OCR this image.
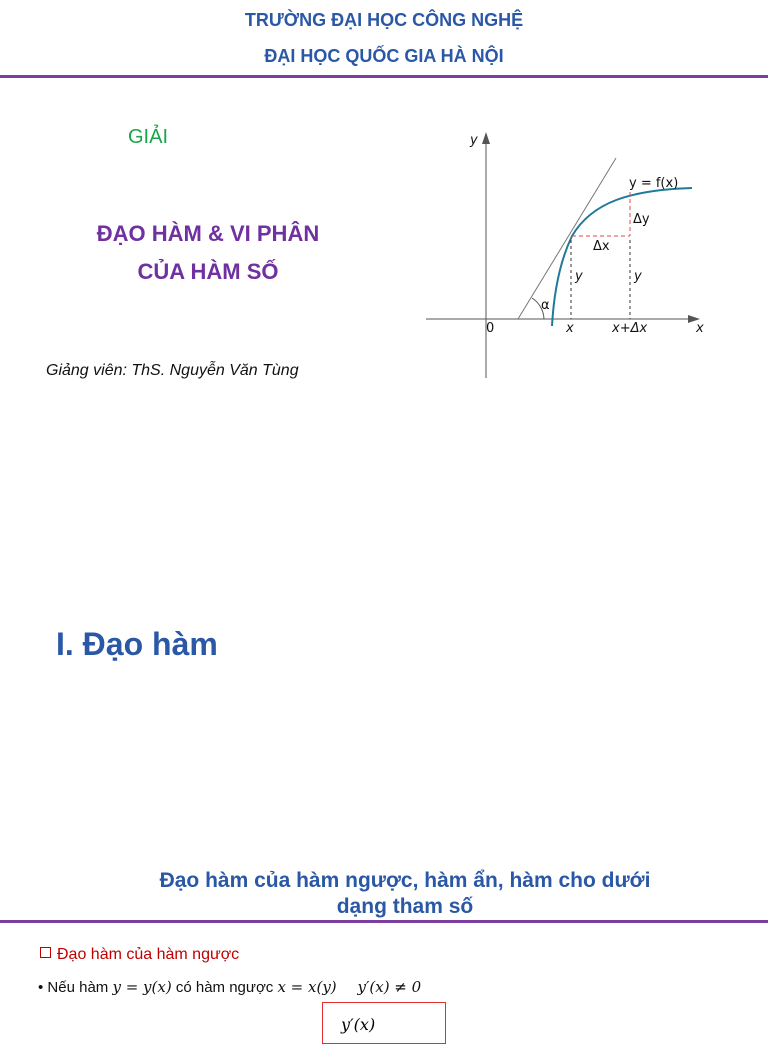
TRƯỜNG ĐẠI HỌC CÔNG NGHỆ
ĐẠI HỌC QUỐC GIA HÀ NỘI
GIẢI
ĐẠO HÀM & VI PHÂN
CỦA HÀM SỐ
Giảng viên: ThS. Nguyễn Văn Tùng
y
x
0
y = f(x)
Δy
Δx
y	y
α
x	x+Δx
I. Đạo hàm
Đạo hàm của hàm ngược, hàm ẩn, hàm cho dưới
dạng tham số
Đạo hàm của hàm ngược
• Nếu hàm y = y(x) có hàm ngược x = x(y) y′(x) ≠ 0
y′(x)
